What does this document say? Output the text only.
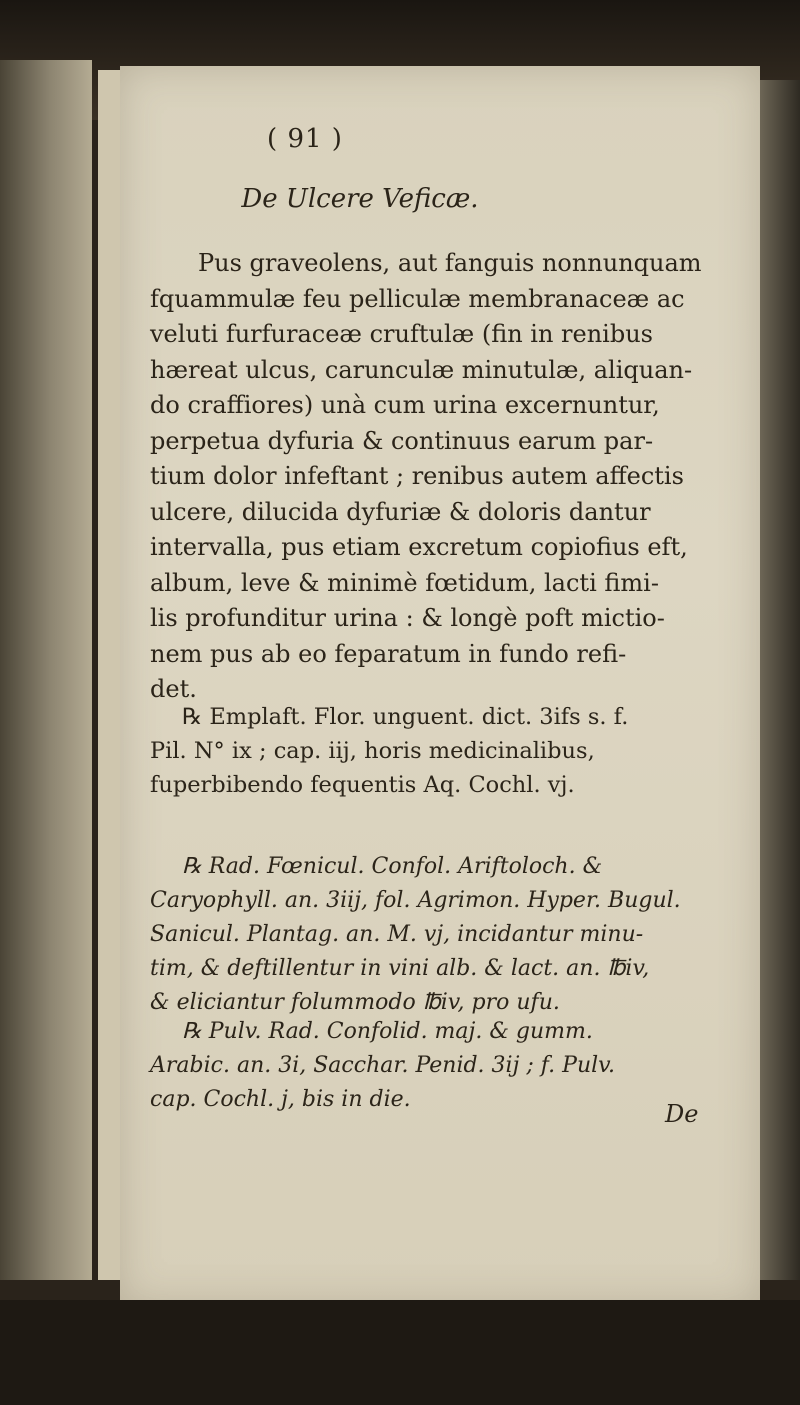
( 91 )
De Ulcere Veficæ.

Pus graveolens, aut fanguis nonnunquam
fquammulæ feu pelliculæ membranaceæ ac
veluti furfuraceæ cruftulæ (fin in renibus
hæreat ulcus, carunculæ minutulæ, aliquan-
do craffiores) unà cum urina excernuntur,
perpetua dyfuria & continuus earum par-
tium dolor infeftant ; renibus autem affectis
ulcere, dilucida dyfuriæ & doloris dantur
intervalla, pus etiam excretum copiofius eft,
album, leve & minimè fœtidum, lacti fimi-
lis profunditur urina : & longè poft mictio-
nem pus ab eo feparatum in fundo refi-
det.

℞ Emplaft. Flor. unguent. dict. 3ifs s. f.
Pil. N° ix ; cap. iij, horis medicinalibus,
fuperbibendo fequentis Aq. Cochl. vj.

℞ Rad. Fœnicul. Confol. Ariftoloch. &
Caryophyll. an. 3iij, fol. Agrimon. Hyper. Bugul.
Sanicul. Plantag. an. M. vj, incidantur minu-
tim, & deftillentur in vini alb. & lact. an. ℔iv,
& eliciantur folummodo ℔iv, pro ufu.

℞ Pulv. Rad. Confolid. maj. & gumm.
Arabic. an. 3i, Sacchar. Penid. 3ij ; f. Pulv.
cap. Cochl. j, bis in die.

De
